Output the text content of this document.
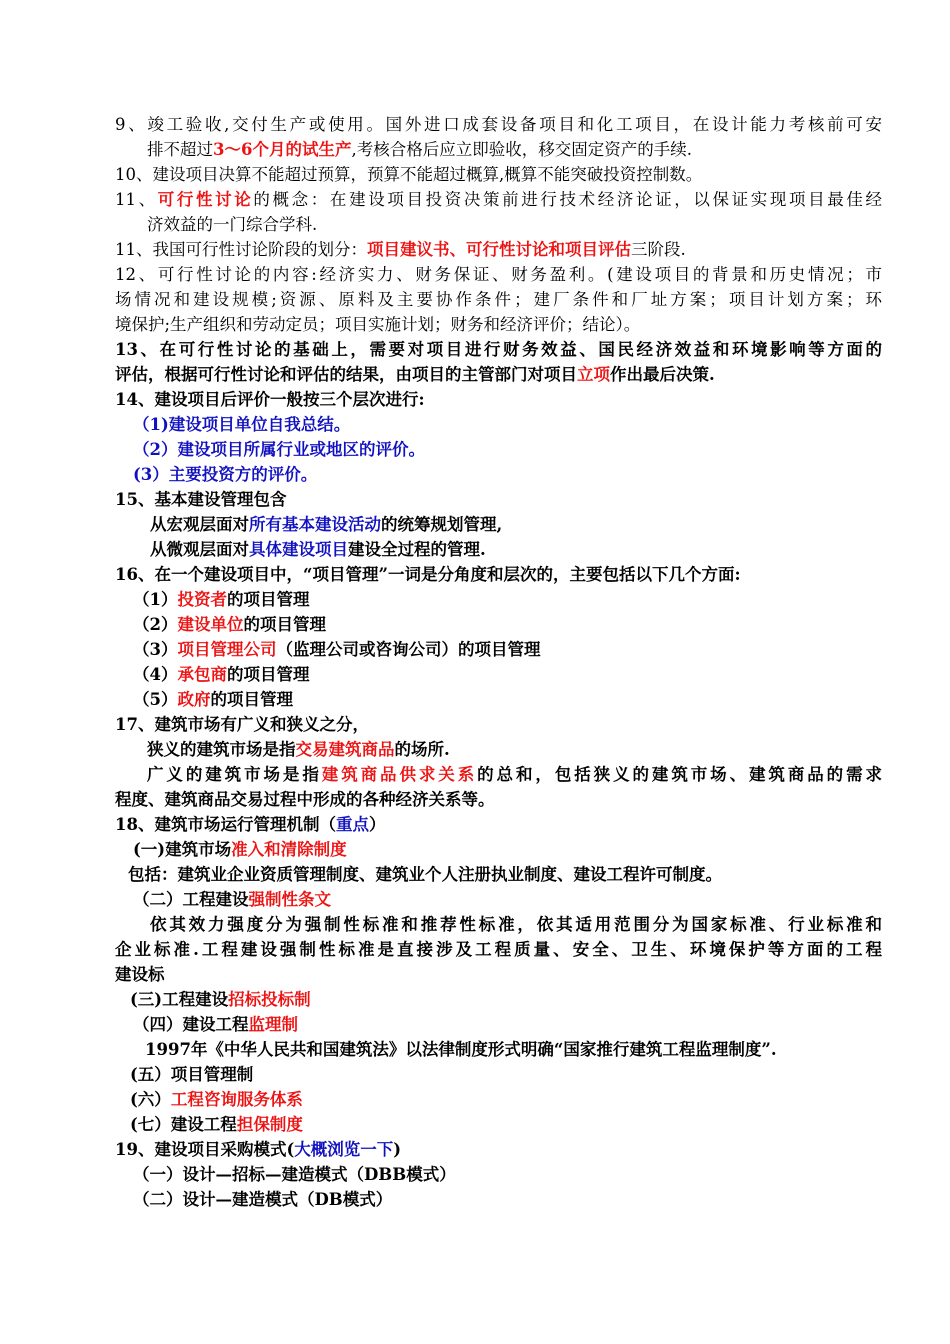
9、竣工验收,交付生产或使用。国外进口成套设备项目和化工项目，在设计能力考核前可安
排不超过3～6个月的试生产,考核合格后应立即验收，移交固定资产的手续.
10、建设项目决算不能超过预算，预算不能超过概算,概算不能突破投资控制数。
11、可行性讨论的概念：在建设项目投资决策前进行技术经济论证，以保证实现项目最佳经
济效益的一门综合学科.
11、我国可行性讨论阶段的划分：项目建议书、可行性讨论和项目评估三阶段.
12、可行性讨论的内容:经济实力、财务保证、财务盈利。(建设项目的背景和历史情况；市
场情况和建设规模;资源、原料及主要协作条件；建厂条件和厂址方案；项目计划方案；环
境保护;生产组织和劳动定员；项目实施计划；财务和经济评价；结论）。
13、在可行性讨论的基础上，需要对项目进行财务效益、国民经济效益和环境影响等方面的
评估，根据可行性讨论和评估的结果，由项目的主管部门对项目立项作出最后决策.
14、建设项目后评价一般按三个层次进行:
（1)建设项目单位自我总结。
（2）建设项目所属行业或地区的评价。
(3）主要投资方的评价。
15、基本建设管理包含
从宏观层面对所有基本建设活动的统筹规划管理,
从微观层面对具体建设项目建设全过程的管理.
16、在一个建设项目中，“项目管理”一词是分角度和层次的，主要包括以下几个方面:
（1）投资者的项目管理
（2）建设单位的项目管理
（3）项目管理公司（监理公司或咨询公司）的项目管理
（4）承包商的项目管理
（5）政府的项目管理
17、建筑市场有广义和狭义之分，
狭义的建筑市场是指交易建筑商品的场所.
广义的建筑市场是指建筑商品供求关系的总和，包括狭义的建筑市场、建筑商品的需求
程度、建筑商品交易过程中形成的各种经济关系等。
18、建筑市场运行管理机制（重点）
(一)建筑市场准入和清除制度
包括：建筑业企业资质管理制度、建筑业个人注册执业制度、建设工程许可制度。
（二）工程建设强制性条文
依其效力强度分为强制性标准和推荐性标准，依其适用范围分为国家标准、行业标准和
企业标准.工程建设强制性标准是直接涉及工程质量、安全、卫生、环境保护等方面的工程
建设标
(三)工程建设招标投标制
（四）建设工程监理制
1997年《中华人民共和国建筑法》以法律制度形式明确“国家推行建筑工程监理制度”.
(五）项目管理制
(六）工程咨询服务体系
(七）建设工程担保制度
19、建设项目采购模式(大概浏览一下)
（一）设计—招标—建造模式（DBB模式）
（二）设计—建造模式（DB模式）
